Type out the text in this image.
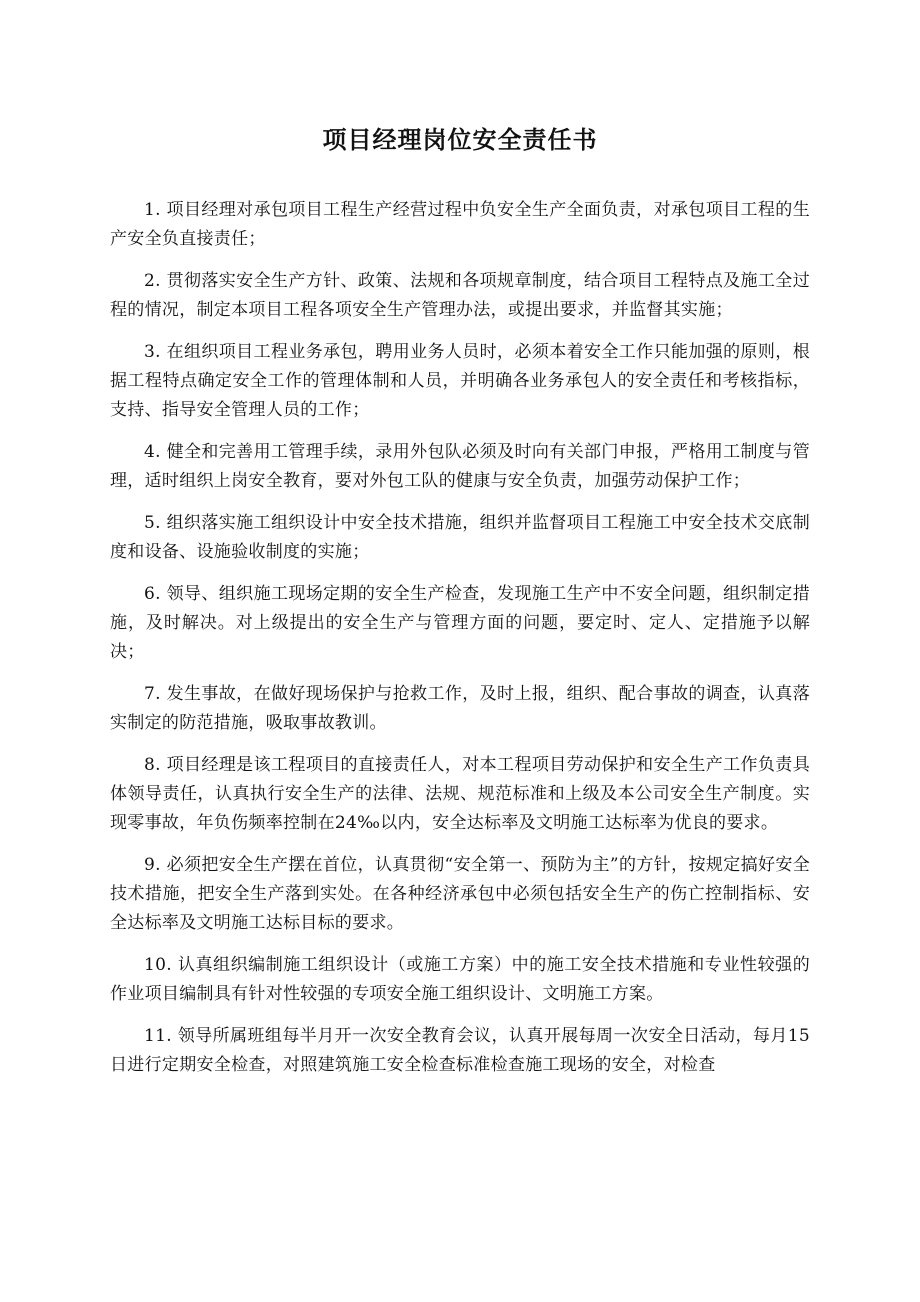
项目经理岗位安全责任书

1. 项目经理对承包项目工程生产经营过程中负安全生产全面负责，对承包项目工程的生产安全负直接责任；

2. 贯彻落实安全生产方针、政策、法规和各项规章制度，结合项目工程特点及施工全过程的情况，制定本项目工程各项安全生产管理办法，或提出要求，并监督其实施；

3. 在组织项目工程业务承包，聘用业务人员时，必须本着安全工作只能加强的原则，根据工程特点确定安全工作的管理体制和人员，并明确各业务承包人的安全责任和考核指标，支持、指导安全管理人员的工作；

4. 健全和完善用工管理手续，录用外包队必须及时向有关部门申报，严格用工制度与管理，适时组织上岗安全教育，要对外包工队的健康与安全负责，加强劳动保护工作；

5. 组织落实施工组织设计中安全技术措施，组织并监督项目工程施工中安全技术交底制度和设备、设施验收制度的实施；

6. 领导、组织施工现场定期的安全生产检查，发现施工生产中不安全问题，组织制定措施，及时解决。对上级提出的安全生产与管理方面的问题，要定时、定人、定措施予以解决；

7. 发生事故，在做好现场保护与抢救工作，及时上报，组织、配合事故的调查，认真落实制定的防范措施，吸取事故教训。

8. 项目经理是该工程项目的直接责任人，对本工程项目劳动保护和安全生产工作负责具体领导责任，认真执行安全生产的法律、法规、规范标准和上级及本公司安全生产制度。实现零事故，年负伤频率控制在24‰以内，安全达标率及文明施工达标率为优良的要求。

9. 必须把安全生产摆在首位，认真贯彻“安全第一、预防为主”的方针，按规定搞好安全技术措施，把安全生产落到实处。在各种经济承包中必须包括安全生产的伤亡控制指标、安全达标率及文明施工达标目标的要求。

10. 认真组织编制施工组织设计（或施工方案）中的施工安全技术措施和专业性较强的作业项目编制具有针对性较强的专项安全施工组织设计、文明施工方案。

11. 领导所属班组每半月开一次安全教育会议，认真开展每周一次安全日活动，每月15日进行定期安全检查，对照建筑施工安全检查标准检查施工现场的安全，对检查
